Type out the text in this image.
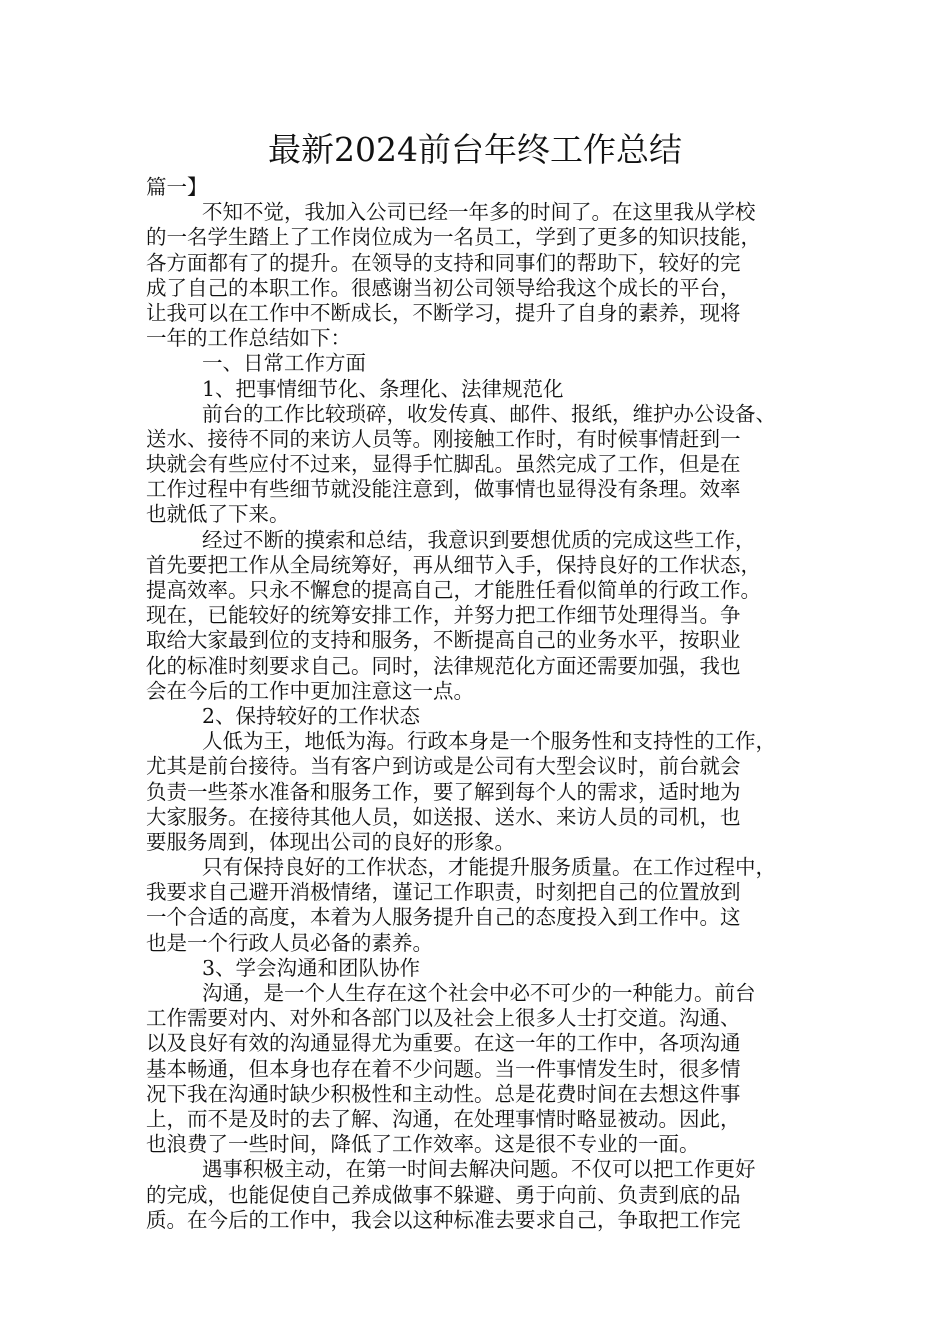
最新2024前台年终工作总结
篇一】
不知不觉，我加入公司已经一年多的时间了。在这里我从学校
的一名学生踏上了工作岗位成为一名员工，学到了更多的知识技能，
各方面都有了的提升。在领导的支持和同事们的帮助下，较好的完
成了自己的本职工作。很感谢当初公司领导给我这个成长的平台，
让我可以在工作中不断成长，不断学习，提升了自身的素养，现将
一年的工作总结如下：
一、日常工作方面
1、把事情细节化、条理化、法律规范化
前台的工作比较琐碎，收发传真、邮件、报纸，维护办公设备、
送水、接待不同的来访人员等。刚接触工作时，有时候事情赶到一
块就会有些应付不过来，显得手忙脚乱。虽然完成了工作，但是在
工作过程中有些细节就没能注意到，做事情也显得没有条理。效率
也就低了下来。
经过不断的摸索和总结，我意识到要想优质的完成这些工作，
首先要把工作从全局统筹好，再从细节入手，保持良好的工作状态，
提高效率。只永不懈怠的提高自己，才能胜任看似简单的行政工作。
现在，已能较好的统筹安排工作，并努力把工作细节处理得当。争
取给大家最到位的支持和服务，不断提高自己的业务水平，按职业
化的标准时刻要求自己。同时，法律规范化方面还需要加强，我也
会在今后的工作中更加注意这一点。
2、保持较好的工作状态
人低为王，地低为海。行政本身是一个服务性和支持性的工作，
尤其是前台接待。当有客户到访或是公司有大型会议时，前台就会
负责一些茶水准备和服务工作，要了解到每个人的需求，适时地为
大家服务。在接待其他人员，如送报、送水、来访人员的司机，也
要服务周到，体现出公司的良好的形象。
只有保持良好的工作状态，才能提升服务质量。在工作过程中，
我要求自己避开消极情绪，谨记工作职责，时刻把自己的位置放到
一个合适的高度，本着为人服务提升自己的态度投入到工作中。这
也是一个行政人员必备的素养。
3、学会沟通和团队协作
沟通，是一个人生存在这个社会中必不可少的一种能力。前台
工作需要对内、对外和各部门以及社会上很多人士打交道。沟通、
以及良好有效的沟通显得尤为重要。在这一年的工作中，各项沟通
基本畅通，但本身也存在着不少问题。当一件事情发生时，很多情
况下我在沟通时缺少积极性和主动性。总是花费时间在去想这件事
上，而不是及时的去了解、沟通，在处理事情时略显被动。因此，
也浪费了一些时间，降低了工作效率。这是很不专业的一面。
遇事积极主动，在第一时间去解决问题。不仅可以把工作更好
的完成，也能促使自己养成做事不躲避、勇于向前、负责到底的品
质。在今后的工作中，我会以这种标准去要求自己，争取把工作完
